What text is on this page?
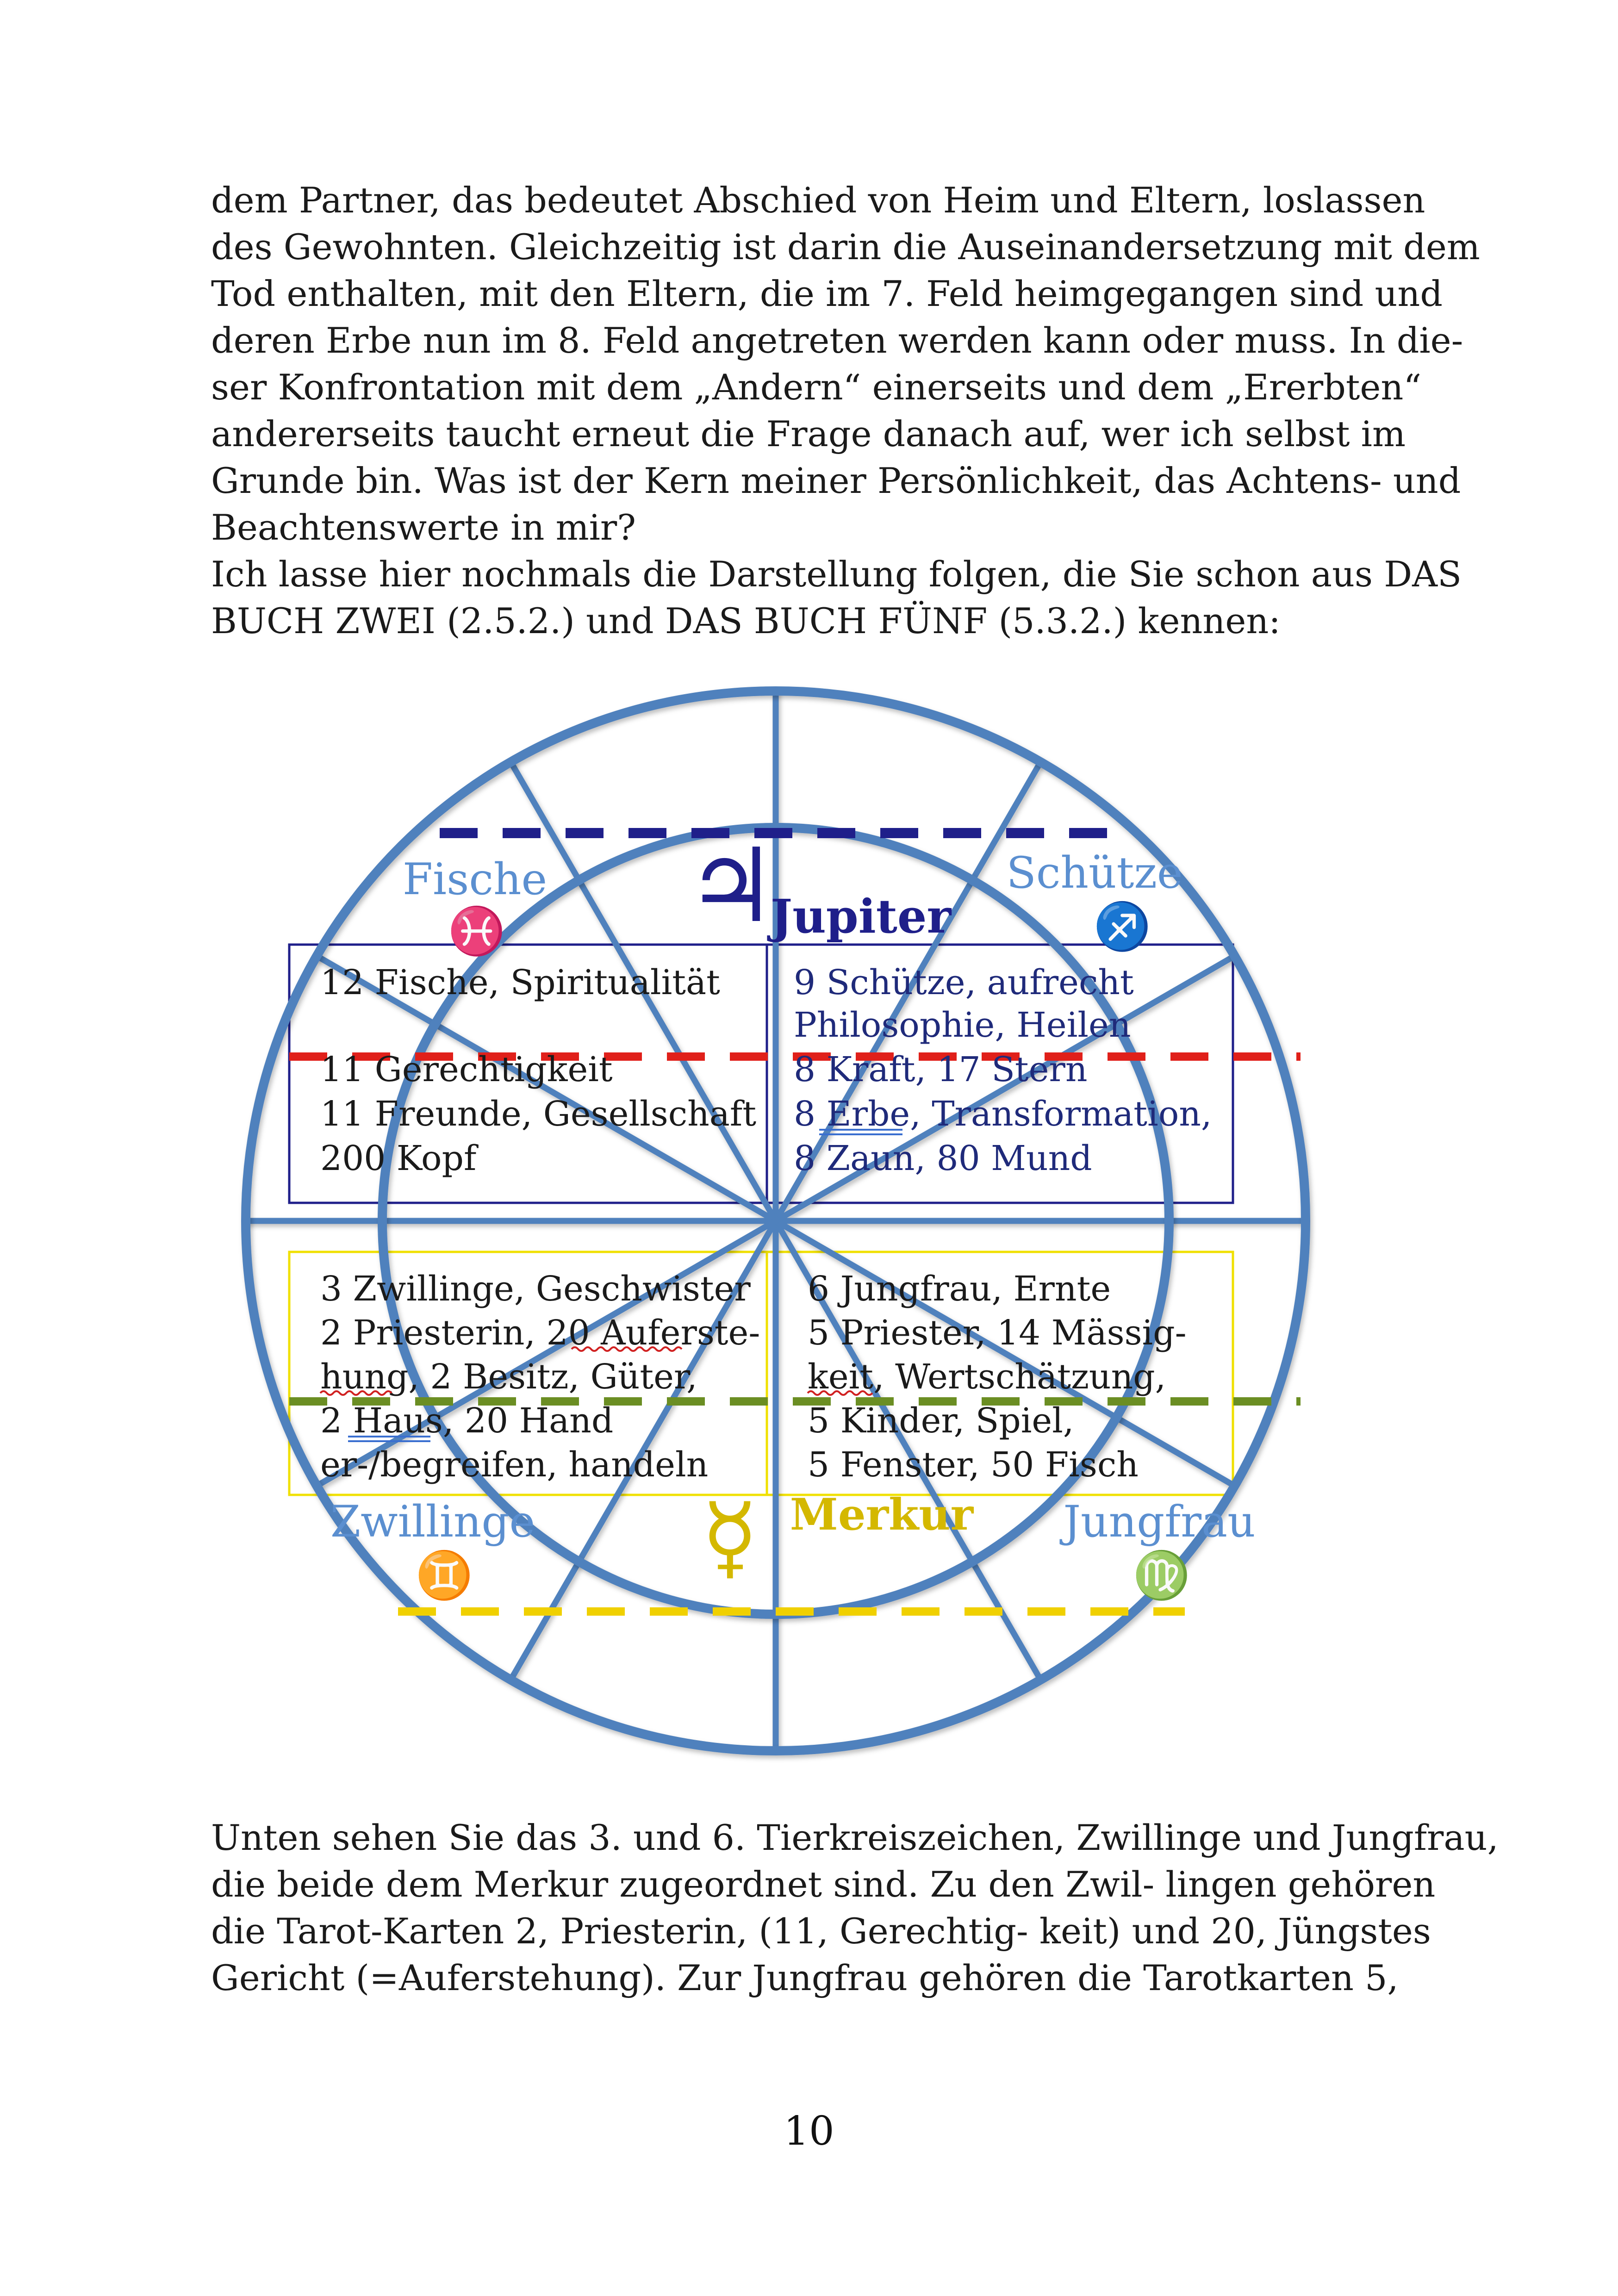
dem Partner, das bedeutet Abschied von Heim und Eltern, loslassen
des Gewohnten. Gleichzeitig ist darin die Auseinandersetzung mit dem
Tod enthalten, mit den Eltern, die im 7. Feld heimgegangen sind und
deren Erbe nun im 8. Feld angetreten werden kann oder muss. In die-
ser Konfrontation mit dem „Andern“ einerseits und dem „Ererbten“
andererseits taucht erneut die Frage danach auf, wer ich selbst im
Grunde bin. Was ist der Kern meiner Persönlichkeit, das Achtens- und
Beachtenswerte in mir?
Ich lasse hier nochmals die Darstellung folgen, die Sie schon aus DAS
BUCH ZWEI (2.5.2.) und DAS BUCH FÜNF (5.3.2.) kennen:
Fische
♓
Schütze
♐
Zwillinge
♊
Jungfrau
♍
♃
Jupiter
☿ Merkur
12 Fische, Spiritualität
11 Gerechtigkeit
11 Freunde, Gesellschaft
200 Kopf
9 Schütze, aufrecht
Philosophie, Heilen
8 Kraft, 17 Stern
8 Erbe, Transformation,
8 Zaun, 80 Mund
3 Zwillinge, Geschwister
2 Priesterin, 20 Auferste-
hung, 2 Besitz, Güter,
2 Haus, 20 Hand
er-/begreifen, handeln
6 Jungfrau, Ernte
5 Priester, 14 Mässig-
keit, Wertschätzung,
5 Kinder, Spiel,
5 Fenster, 50 Fisch
Unten sehen Sie das 3. und 6. Tierkreiszeichen, Zwillinge und Jungfrau,
die beide dem Merkur zugeordnet sind. Zu den Zwil- lingen gehören
die Tarot-Karten 2, Priesterin, (11, Gerechtig- keit) und 20, Jüngstes
Gericht (=Auferstehung). Zur Jungfrau gehören die Tarotkarten 5,
10
